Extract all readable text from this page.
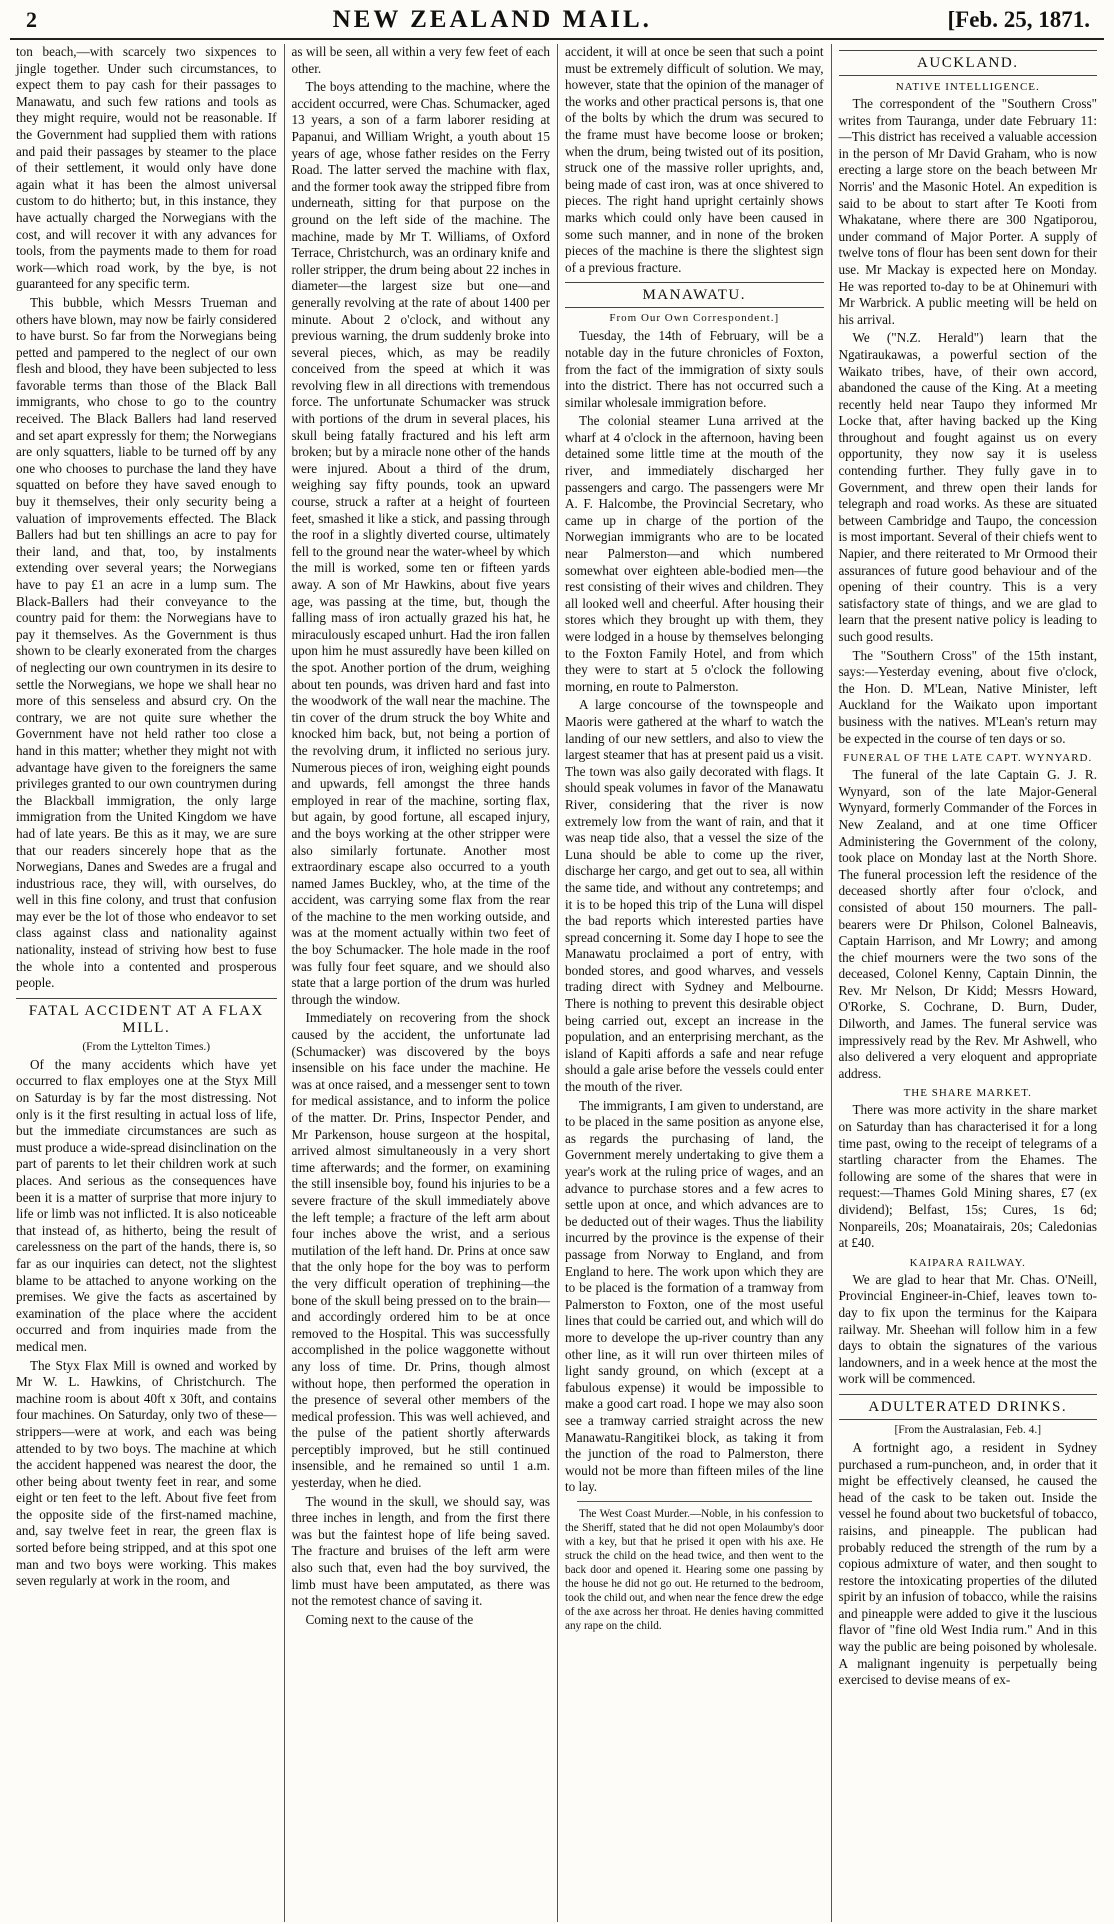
2	NEW ZEALAND MAIL.	[Feb. 25, 1871.

ton beach,—with scarcely two sixpences to jingle together. Under such circumstances, to expect them to pay cash for their passages to Manawatu, and such few rations and tools as they might require, would not be reasonable. If the Government had supplied them with rations and paid their passages by steamer to the place of their settlement, it would only have done again what it has been the almost universal custom to do hitherto; but, in this instance, they have actually charged the Norwegians with the cost, and will recover it with any advances for tools, from the payments made to them for road work—which road work, by the bye, is not guaranteed for any specific term.

This bubble, which Messrs Trueman and others have blown, may now be fairly considered to have burst. So far from the Norwegians being petted and pampered to the neglect of our own flesh and blood, they have been subjected to less favorable terms than those of the Black Ball immigrants, who chose to go to the country received. The Black Ballers had land reserved and set apart expressly for them; the Norwegians are only squatters, liable to be turned off by any one who chooses to purchase the land they have squatted on before they have saved enough to buy it themselves, their only security being a valuation of improvements effected. The Black Ballers had but ten shillings an acre to pay for their land, and that, too, by instalments extending over several years; the Norwegians have to pay £1 an acre in a lump sum. The Black-Ballers had their conveyance to the country paid for them: the Norwegians have to pay it themselves. As the Government is thus shown to be clearly exonerated from the charges of neglecting our own countrymen in its desire to settle the Norwegians, we hope we shall hear no more of this senseless and absurd cry. On the contrary, we are not quite sure whether the Government have not held rather too close a hand in this matter; whether they might not with advantage have given to the foreigners the same privileges granted to our own countrymen during the Blackball immigration, the only large immigration from the United Kingdom we have had of late years. Be this as it may, we are sure that our readers sincerely hope that as the Norwegians, Danes and Swedes are a frugal and industrious race, they will, with ourselves, do well in this fine colony, and trust that confusion may ever be the lot of those who endeavor to set class against class and nationality against nationality, instead of striving how best to fuse the whole into a contented and prosperous people.

FATAL ACCIDENT AT A FLAX MILL.
(From the Lyttelton Times.)

Of the many accidents which have yet occurred to flax employes one at the Styx Mill on Saturday is by far the most distressing. Not only is it the first resulting in actual loss of life, but the immediate circumstances are such as must produce a wide-spread disinclination on the part of parents to let their children work at such places. And serious as the consequences have been it is a matter of surprise that more injury to life or limb was not inflicted. It is also noticeable that instead of, as hitherto, being the result of carelessness on the part of the hands, there is, so far as our inquiries can detect, not the slightest blame to be attached to anyone working on the premises. We give the facts as ascertained by examination of the place where the accident occurred and from inquiries made from the medical men.

The Styx Flax Mill is owned and worked by Mr W. L. Hawkins, of Christchurch. The machine room is about 40ft x 30ft, and contains four machines. On Saturday, only two of these—strippers—were at work, and each was being attended to by two boys. The machine at which the accident happened was nearest the door, the other being about twenty feet in rear, and some eight or ten feet to the left. About five feet from the opposite side of the first-named machine, and, say twelve feet in rear, the green flax is sorted before being stripped, and at this spot one man and two boys were working. This makes seven regularly at work in the room, and

as will be seen, all within a very few feet of each other.

The boys attending to the machine, where the accident occurred, were Chas. Schumacker, aged 13 years, a son of a farm laborer residing at Papanui, and William Wright, a youth about 15 years of age, whose father resides on the Ferry Road. The latter served the machine with flax, and the former took away the stripped fibre from underneath, sitting for that purpose on the ground on the left side of the machine. The machine, made by Mr T. Williams, of Oxford Terrace, Christchurch, was an ordinary knife and roller stripper, the drum being about 22 inches in diameter—the largest size but one—and generally revolving at the rate of about 1400 per minute. About 2 o'clock, and without any previous warning, the drum suddenly broke into several pieces, which, as may be readily conceived from the speed at which it was revolving flew in all directions with tremendous force. The unfortunate Schumacker was struck with portions of the drum in several places, his skull being fatally fractured and his left arm broken; but by a miracle none other of the hands were injured. About a third of the drum, weighing say fifty pounds, took an upward course, struck a rafter at a height of fourteen feet, smashed it like a stick, and passing through the roof in a slightly diverted course, ultimately fell to the ground near the water-wheel by which the mill is worked, some ten or fifteen yards away. A son of Mr Hawkins, about five years age, was passing at the time, but, though the falling mass of iron actually grazed his hat, he miraculously escaped unhurt. Had the iron fallen upon him he must assuredly have been killed on the spot. Another portion of the drum, weighing about ten pounds, was driven hard and fast into the woodwork of the wall near the machine. The tin cover of the drum struck the boy White and knocked him back, but, not being a portion of the revolving drum, it inflicted no serious jury. Numerous pieces of iron, weighing eight pounds and upwards, fell amongst the three hands employed in rear of the machine, sorting flax, but again, by good fortune, all escaped injury, and the boys working at the other stripper were also similarly fortunate. Another most extraordinary escape also occurred to a youth named James Buckley, who, at the time of the accident, was carrying some flax from the rear of the machine to the men working outside, and was at the moment actually within two feet of the boy Schumacker. The hole made in the roof was fully four feet square, and we should also state that a large portion of the drum was hurled through the window.

Immediately on recovering from the shock caused by the accident, the unfortunate lad (Schumacker) was discovered by the boys insensible on his face under the machine. He was at once raised, and a messenger sent to town for medical assistance, and to inform the police of the matter. Dr. Prins, Inspector Pender, and Mr Parkenson, house surgeon at the hospital, arrived almost simultaneously in a very short time afterwards; and the former, on examining the still insensible boy, found his injuries to be a severe fracture of the skull immediately above the left temple; a fracture of the left arm about four inches above the wrist, and a serious mutilation of the left hand. Dr. Prins at once saw that the only hope for the boy was to perform the very difficult operation of trephining—the bone of the skull being pressed on to the brain—and accordingly ordered him to be at once removed to the Hospital. This was successfully accomplished in the police waggonette without any loss of time. Dr. Prins, though almost without hope, then performed the operation in the presence of several other members of the medical profession. This was well achieved, and the pulse of the patient shortly afterwards perceptibly improved, but he still continued insensible, and he remained so until 1 a.m. yesterday, when he died.

The wound in the skull, we should say, was three inches in length, and from the first there was but the faintest hope of life being saved. The fracture and bruises of the left arm were also such that, even had the boy survived, the limb must have been amputated, as there was not the remotest chance of saving it.

Coming next to the cause of the

accident, it will at once be seen that such a point must be extremely difficult of solution. We may, however, state that the opinion of the manager of the works and other practical persons is, that one of the bolts by which the drum was secured to the frame must have become loose or broken; when the drum, being twisted out of its position, struck one of the massive roller uprights, and, being made of cast iron, was at once shivered to pieces. The right hand upright certainly shows marks which could only have been caused in some such manner, and in none of the broken pieces of the machine is there the slightest sign of a previous fracture.

MANAWATU.
From Our Own Correspondent.]

Tuesday, the 14th of February, will be a notable day in the future chronicles of Foxton, from the fact of the immigration of sixty souls into the district. There has not occurred such a similar wholesale immigration before.

The colonial steamer Luna arrived at the wharf at 4 o'clock in the afternoon, having been detained some little time at the mouth of the river, and immediately discharged her passengers and cargo. The passengers were Mr A. F. Halcombe, the Provincial Secretary, who came up in charge of the portion of the Norwegian immigrants who are to be located near Palmerston—and which numbered somewhat over eighteen able-bodied men—the rest consisting of their wives and children. They all looked well and cheerful. After housing their stores which they brought up with them, they were lodged in a house by themselves belonging to the Foxton Family Hotel, and from which they were to start at 5 o'clock the following morning, en route to Palmerston.

A large concourse of the townspeople and Maoris were gathered at the wharf to watch the landing of our new settlers, and also to view the largest steamer that has at present paid us a visit. The town was also gaily decorated with flags. It should speak volumes in favor of the Manawatu River, considering that the river is now extremely low from the want of rain, and that it was neap tide also, that a vessel the size of the Luna should be able to come up the river, discharge her cargo, and get out to sea, all within the same tide, and without any contretemps; and it is to be hoped this trip of the Luna will dispel the bad reports which interested parties have spread concerning it. Some day I hope to see the Manawatu proclaimed a port of entry, with bonded stores, and good wharves, and vessels trading direct with Sydney and Melbourne. There is nothing to prevent this desirable object being carried out, except an increase in the population, and an enterprising merchant, as the island of Kapiti affords a safe and near refuge should a gale arise before the vessels could enter the mouth of the river.

The immigrants, I am given to understand, are to be placed in the same position as anyone else, as regards the purchasing of land, the Government merely undertaking to give them a year's work at the ruling price of wages, and an advance to purchase stores and a few acres to settle upon at once, and which advances are to be deducted out of their wages. Thus the liability incurred by the province is the expense of their passage from Norway to England, and from England to here. The work upon which they are to be placed is the formation of a tramway from Palmerston to Foxton, one of the most useful lines that could be carried out, and which will do more to develope the up-river country than any other line, as it will run over thirteen miles of light sandy ground, on which (except at a fabulous expense) it would be impossible to make a good cart road. I hope we may also soon see a tramway carried straight across the new Manawatu-Rangitikei block, as taking it from the junction of the road to Palmerston, there would not be more than fifteen miles of the line to lay.

The West Coast Murder.—Noble, in his confession to the Sheriff, stated that he did not open Molaumby's door with a key, but that he prised it open with his axe. He struck the child on the head twice, and then went to the back door and opened it. Hearing some one passing by the house he did not go out. He returned to the bedroom, took the child out, and when near the fence drew the edge of the axe across her throat. He denies having committed any rape on the child.

AUCKLAND.
NATIVE INTELLIGENCE.

The correspondent of the "Southern Cross" writes from Tauranga, under date February 11:—This district has received a valuable accession in the person of Mr David Graham, who is now erecting a large store on the beach between Mr Norris' and the Masonic Hotel. An expedition is said to be about to start after Te Kooti from Whakatane, where there are 300 Ngatiporou, under command of Major Porter. A supply of twelve tons of flour has been sent down for their use. Mr Mackay is expected here on Monday. He was reported to-day to be at Ohinemuri with Mr Warbrick. A public meeting will be held on his arrival.

We ("N.Z. Herald") learn that the Ngatiraukawas, a powerful section of the Waikato tribes, have, of their own accord, abandoned the cause of the King. At a meeting recently held near Taupo they informed Mr Locke that, after having backed up the King throughout and fought against us on every opportunity, they now say it is useless contending further. They fully gave in to Government, and threw open their lands for telegraph and road works. As these are situated between Cambridge and Taupo, the concession is most important. Several of their chiefs went to Napier, and there reiterated to Mr Ormood their assurances of future good behaviour and of the opening of their country. This is a very satisfactory state of things, and we are glad to learn that the present native policy is leading to such good results.

The "Southern Cross" of the 15th instant, says:—Yesterday evening, about five o'clock, the Hon. D. M'Lean, Native Minister, left Auckland for the Waikato upon important business with the natives. M'Lean's return may be expected in the course of ten days or so.

FUNERAL OF THE LATE CAPT. WYNYARD.

The funeral of the late Captain G. J. R. Wynyard, son of the late Major-General Wynyard, formerly Commander of the Forces in New Zealand, and at one time Officer Administering the Government of the colony, took place on Monday last at the North Shore. The funeral procession left the residence of the deceased shortly after four o'clock, and consisted of about 150 mourners. The pall-bearers were Dr Philson, Colonel Balneavis, Captain Harrison, and Mr Lowry; and among the chief mourners were the two sons of the deceased, Colonel Kenny, Captain Dinnin, the Rev. Mr Nelson, Dr Kidd; Messrs Howard, O'Rorke, S. Cochrane, D. Burn, Duder, Dilworth, and James. The funeral service was impressively read by the Rev. Mr Ashwell, who also delivered a very eloquent and appropriate address.

THE SHARE MARKET.

There was more activity in the share market on Saturday than has characterised it for a long time past, owing to the receipt of telegrams of a startling character from the Ehames. The following are some of the shares that were in request:—Thames Gold Mining shares, £7 (ex dividend); Belfast, 15s; Cures, 1s 6d; Nonpareils, 20s; Moanatairais, 20s; Caledonias at £40.

KAIPARA RAILWAY.

We are glad to hear that Mr. Chas. O'Neill, Provincial Engineer-in-Chief, leaves town to-day to fix upon the terminus for the Kaipara railway. Mr. Sheehan will follow him in a few days to obtain the signatures of the various landowners, and in a week hence at the most the work will be commenced.

ADULTERATED DRINKS.
[From the Australasian, Feb. 4.]

A fortnight ago, a resident in Sydney purchased a rum-puncheon, and, in order that it might be effectively cleansed, he caused the head of the cask to be taken out. Inside the vessel he found about two bucketsful of tobacco, raisins, and pineapple. The publican had probably reduced the strength of the rum by a copious admixture of water, and then sought to restore the intoxicating properties of the diluted spirit by an infusion of tobacco, while the raisins and pineapple were added to give it the luscious flavor of "fine old West India rum." And in this way the public are being poisoned by wholesale. A malignant ingenuity is perpetually being exercised to devise means of ex-
